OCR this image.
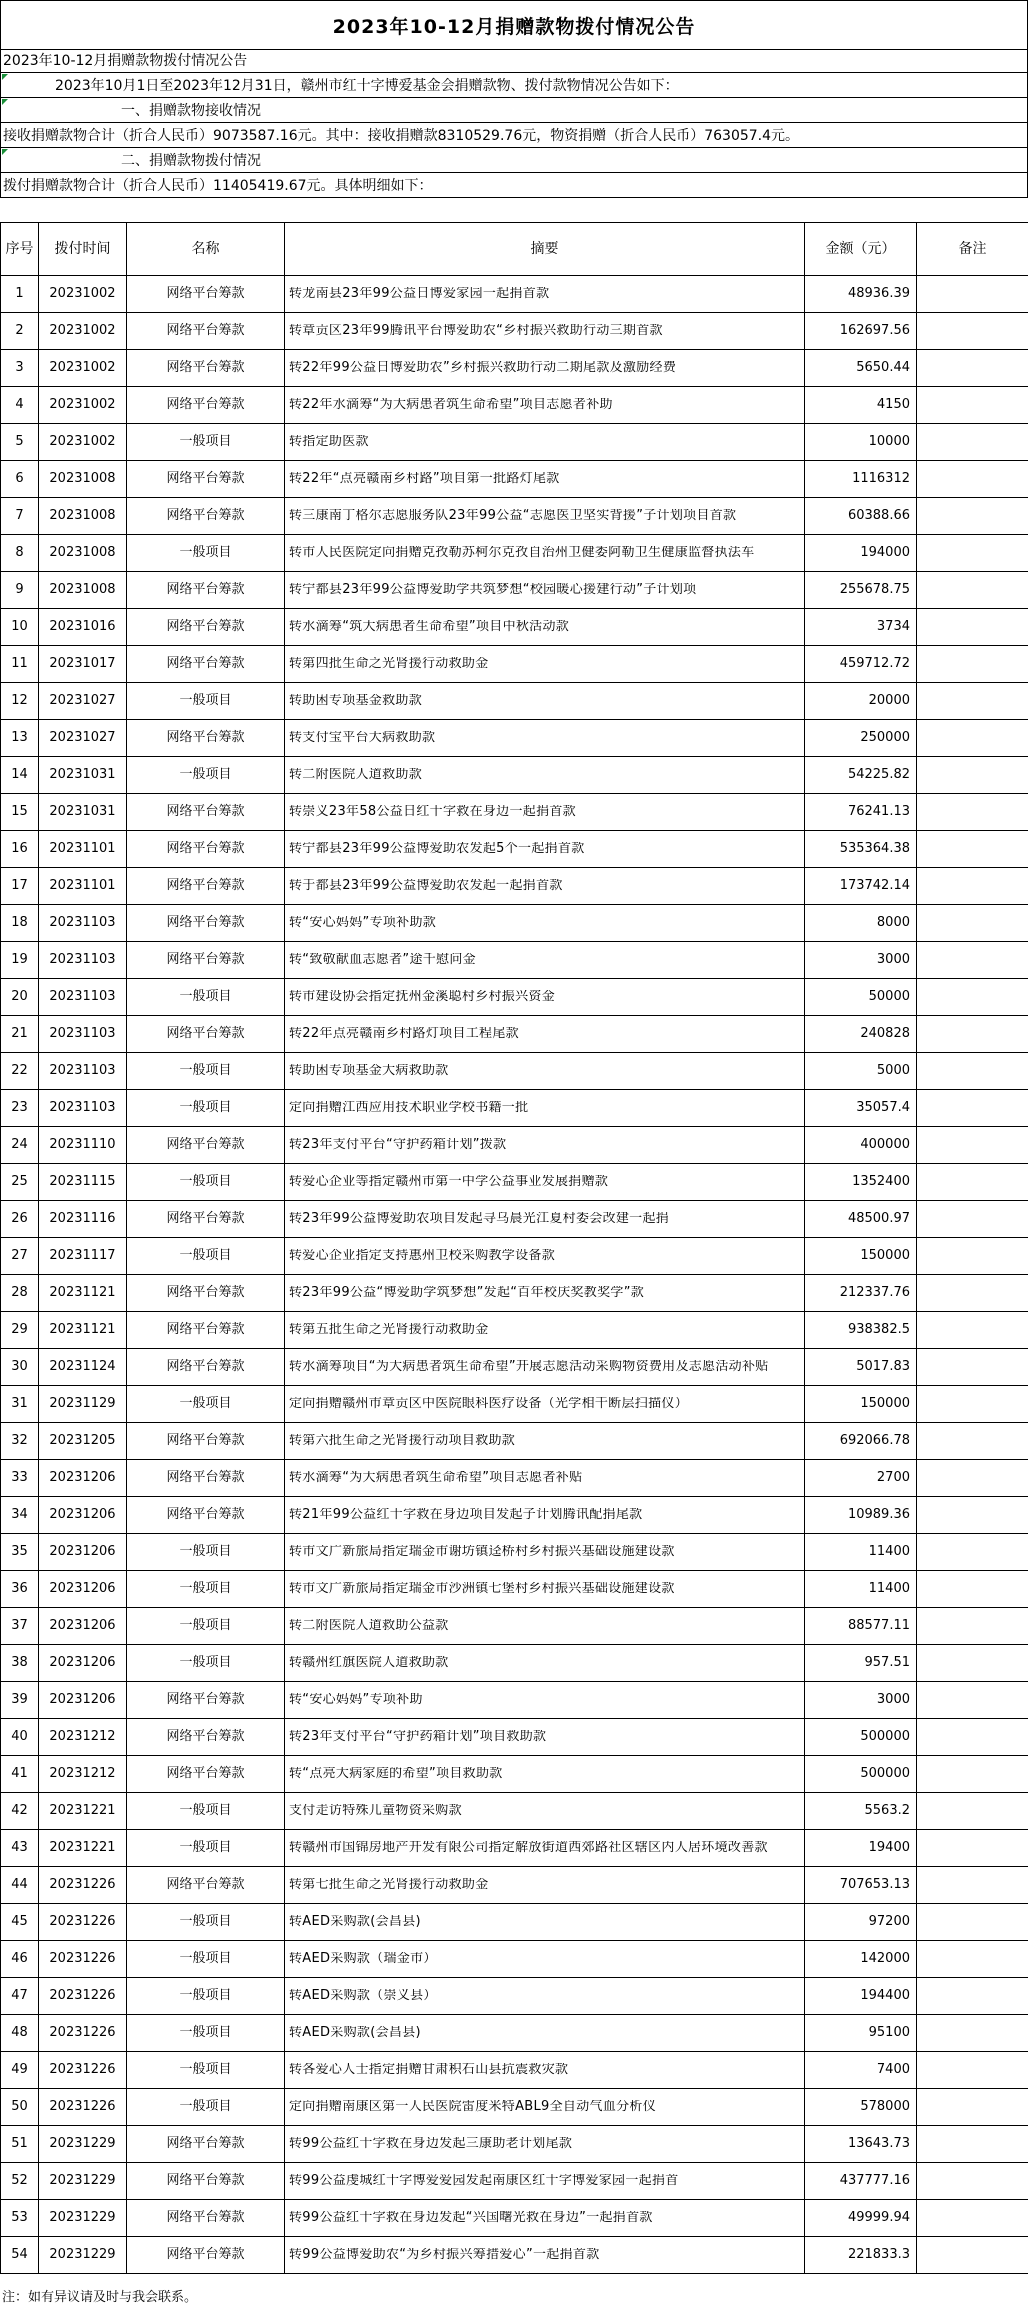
2023年10-12月捐赠款物拨付情况公告
2023年10-12月捐赠款物拨付情况公告
2023年10月1日至2023年12月31日，赣州市红十字博爱基金会捐赠款物、拨付款物情况公告如下：
一、捐赠款物接收情况
接收捐赠款物合计（折合人民币）9073587.16元。其中：接收捐赠款8310529.76元，物资捐赠（折合人民币）763057.4元。
二、捐赠款物拨付情况
拨付捐赠款物合计（折合人民币）11405419.67元。具体明细如下：
序号	拨付时间	名称	摘要	金额（元）	备注
1	20231002	网络平台筹款	转龙南县23年99公益日博爱家园一起捐首款	48936.39	
2	20231002	网络平台筹款	转章贡区23年99腾讯平台博爱助农“乡村振兴救助行动三期首款	162697.56	
3	20231002	网络平台筹款	转22年99公益日博爱助农”乡村振兴救助行动二期尾款及激励经费	5650.44	
4	20231002	网络平台筹款	转22年水滴筹“为大病患者筑生命希望”项目志愿者补助	4150	
5	20231002	一般项目	转指定助医款	10000	
6	20231008	网络平台筹款	转22年“点亮赣南乡村路”项目第一批路灯尾款	1116312	
7	20231008	网络平台筹款	转三康南丁格尔志愿服务队23年99公益“志愿医卫坚实背援”子计划项目首款	60388.66	
8	20231008	一般项目	转市人民医院定向捐赠克孜勒苏柯尔克孜自治州卫健委阿勒卫生健康监督执法车	194000	
9	20231008	网络平台筹款	转宁都县23年99公益博爱助学共筑梦想“校园暖心援建行动”子计划项	255678.75	
10	20231016	网络平台筹款	转水滴筹“筑大病患者生命希望”项目中秋活动款	3734	
11	20231017	网络平台筹款	转第四批生命之光肾援行动救助金	459712.72	
12	20231027	一般项目	转助困专项基金救助款	20000	
13	20231027	网络平台筹款	转支付宝平台大病救助款	250000	
14	20231031	一般项目	转二附医院人道救助款	54225.82	
15	20231031	网络平台筹款	转崇义23年58公益日红十字救在身边一起捐首款	76241.13	
16	20231101	网络平台筹款	转宁都县23年99公益博爱助农发起5个一起捐首款	535364.38	
17	20231101	网络平台筹款	转于都县23年99公益博爱助农发起一起捐首款	173742.14	
18	20231103	网络平台筹款	转“安心妈妈”专项补助款	8000	
19	20231103	网络平台筹款	转“致敬献血志愿者”途千慰问金	3000	
20	20231103	一般项目	转市建设协会指定抚州金溪聪村乡村振兴资金	50000	
21	20231103	网络平台筹款	转22年点亮赣南乡村路灯项目工程尾款	240828	
22	20231103	一般项目	转助困专项基金大病救助款	5000	
23	20231103	一般项目	定向捐赠江西应用技术职业学校书籍一批	35057.4	
24	20231110	网络平台筹款	转23年支付平台“守护药箱计划”拨款	400000	
25	20231115	一般项目	转爱心企业等指定赣州市第一中学公益事业发展捐赠款	1352400	
26	20231116	网络平台筹款	转23年99公益博爱助农项目发起寻乌晨光江夏村委会改建一起捐	48500.97	
27	20231117	一般项目	转爱心企业指定支持惠州卫校采购教学设备款	150000	
28	20231121	网络平台筹款	转23年99公益“博爱助学筑梦想”发起“百年校庆奖教奖学”款	212337.76	
29	20231121	网络平台筹款	转第五批生命之光肾援行动救助金	938382.5	
30	20231124	网络平台筹款	转水滴筹项目“为大病患者筑生命希望”开展志愿活动采购物资费用及志愿活动补贴	5017.83	
31	20231129	一般项目	定向捐赠赣州市章贡区中医院眼科医疗设备（光学相干断层扫描仪）	150000	
32	20231205	网络平台筹款	转第六批生命之光肾援行动项目救助款	692066.78	
33	20231206	网络平台筹款	转水滴筹“为大病患者筑生命希望”项目志愿者补贴	2700	
34	20231206	网络平台筹款	转21年99公益红十字救在身边项目发起子计划腾讯配捐尾款	10989.36	
35	20231206	一般项目	转市文广新旅局指定瑞金市谢坊镇迳桥村乡村振兴基础设施建设款	11400	
36	20231206	一般项目	转市文广新旅局指定瑞金市沙洲镇七堡村乡村振兴基础设施建设款	11400	
37	20231206	一般项目	转二附医院人道救助公益款	88577.11	
38	20231206	一般项目	转赣州红旗医院人道救助款	957.51	
39	20231206	网络平台筹款	转“安心妈妈”专项补助	3000	
40	20231212	网络平台筹款	转23年支付平台“守护药箱计划”项目救助款	500000	
41	20231212	网络平台筹款	转“点亮大病家庭的希望”项目救助款	500000	
42	20231221	一般项目	支付走访特殊儿童物资采购款	5563.2	
43	20231221	一般项目	转赣州市国锦房地产开发有限公司指定解放街道西郊路社区辖区内人居环境改善款	19400	
44	20231226	网络平台筹款	转第七批生命之光肾援行动救助金	707653.13	
45	20231226	一般项目	转AED采购款(会昌县)	97200	
46	20231226	一般项目	转AED采购款（瑞金市）	142000	
47	20231226	一般项目	转AED采购款（崇义县）	194400	
48	20231226	一般项目	转AED采购款(会昌县)	95100	
49	20231226	一般项目	转各爱心人士指定捐赠甘肃积石山县抗震救灾款	7400	
50	20231226	一般项目	定向捐赠南康区第一人民医院雷度米特ABL9全自动气血分析仪	578000	
51	20231229	网络平台筹款	转99公益红十字救在身边发起三康助老计划尾款	13643.73	
52	20231229	网络平台筹款	转99公益虔城红十字博爱爱园发起南康区红十字博爱家园一起捐首	437777.16	
53	20231229	网络平台筹款	转99公益红十字救在身边发起“兴国曙光救在身边”一起捐首款	49999.94	
54	20231229	网络平台筹款	转99公益博爱助农“为乡村振兴筹措爱心”一起捐首款	221833.3	
注：如有异议请及时与我会联系。
